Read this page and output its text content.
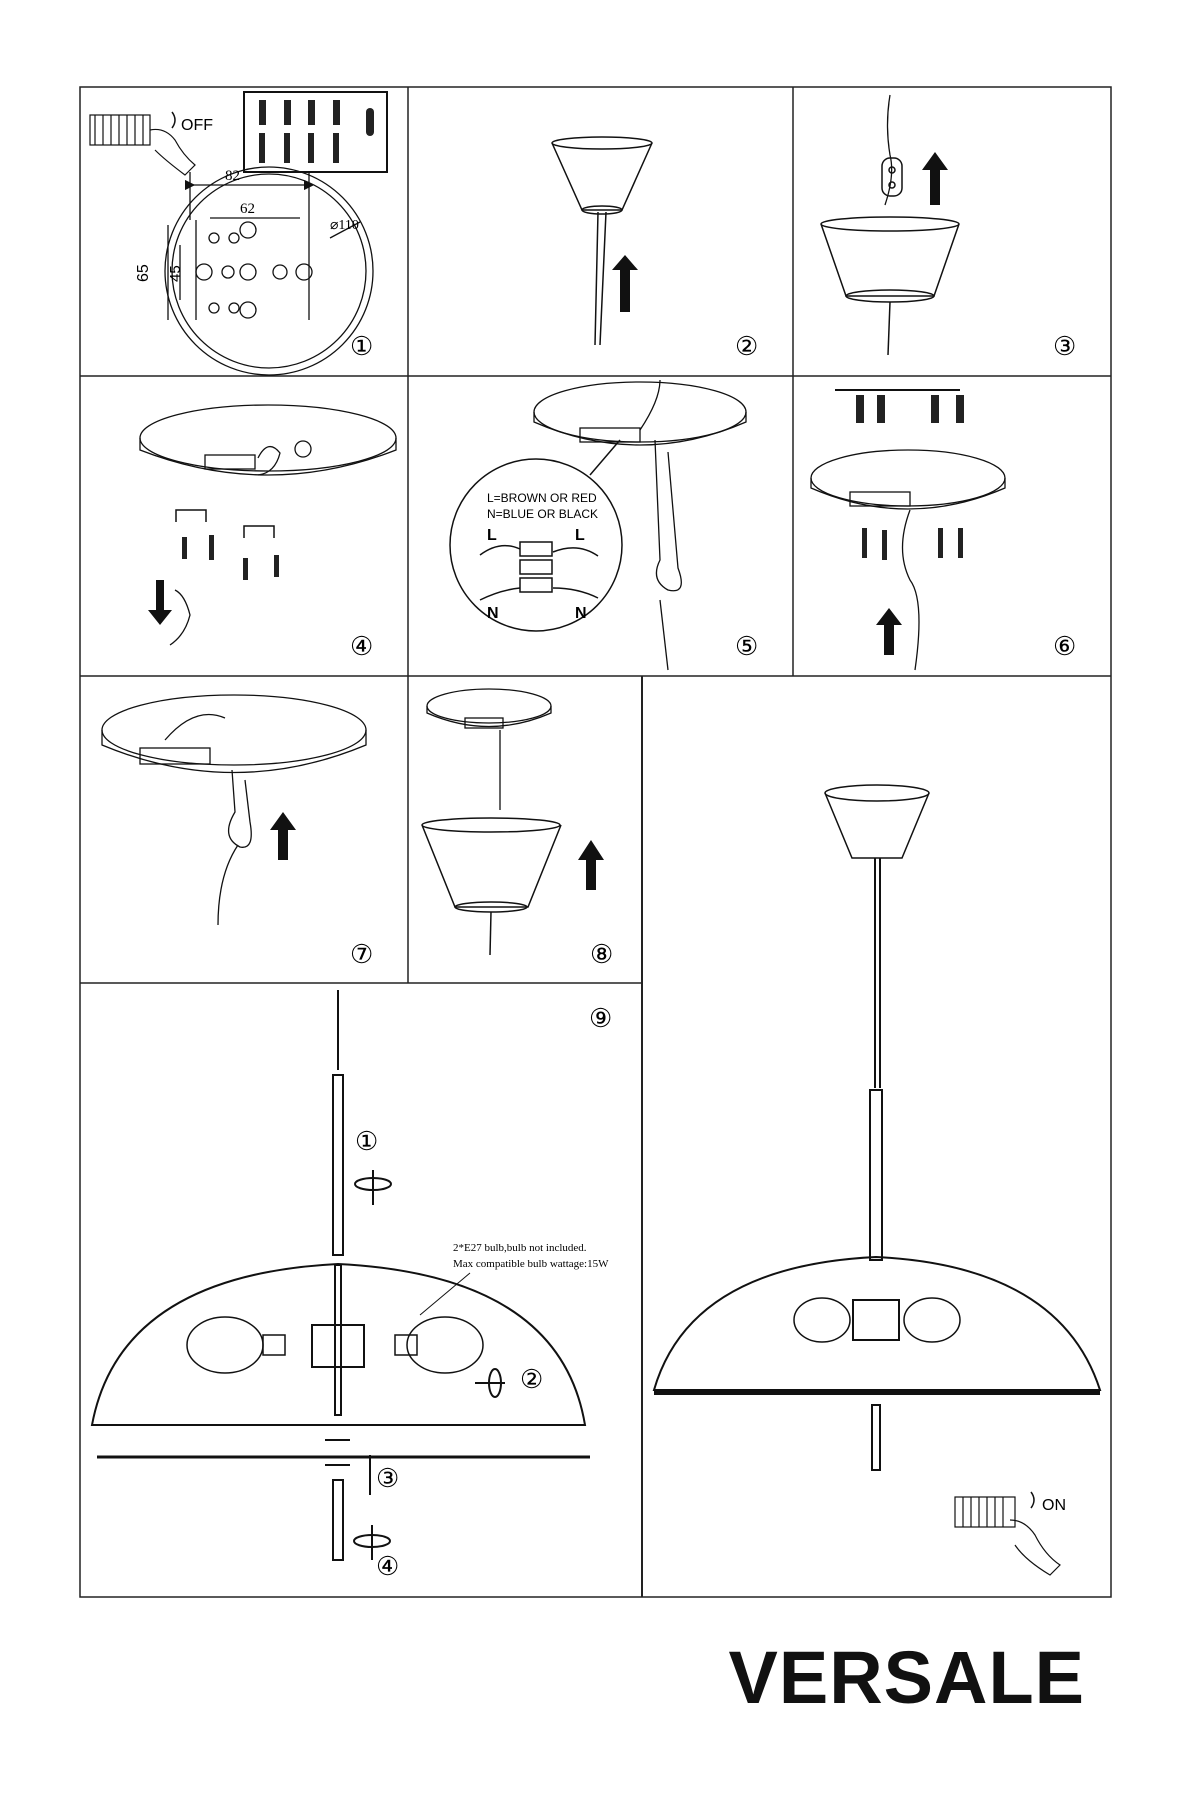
OFF
82
62
⌀110
65 45
①	②	③
④
L=BROWN OR RED
N=BLUE OR BLACK
L	L
N	N
⑤	⑥
⑦	⑧
⑨
2*E27 bulb,bulb not included.
Max compatible bulb wattage:15W
①
②
③
④
ON
VERSALE
